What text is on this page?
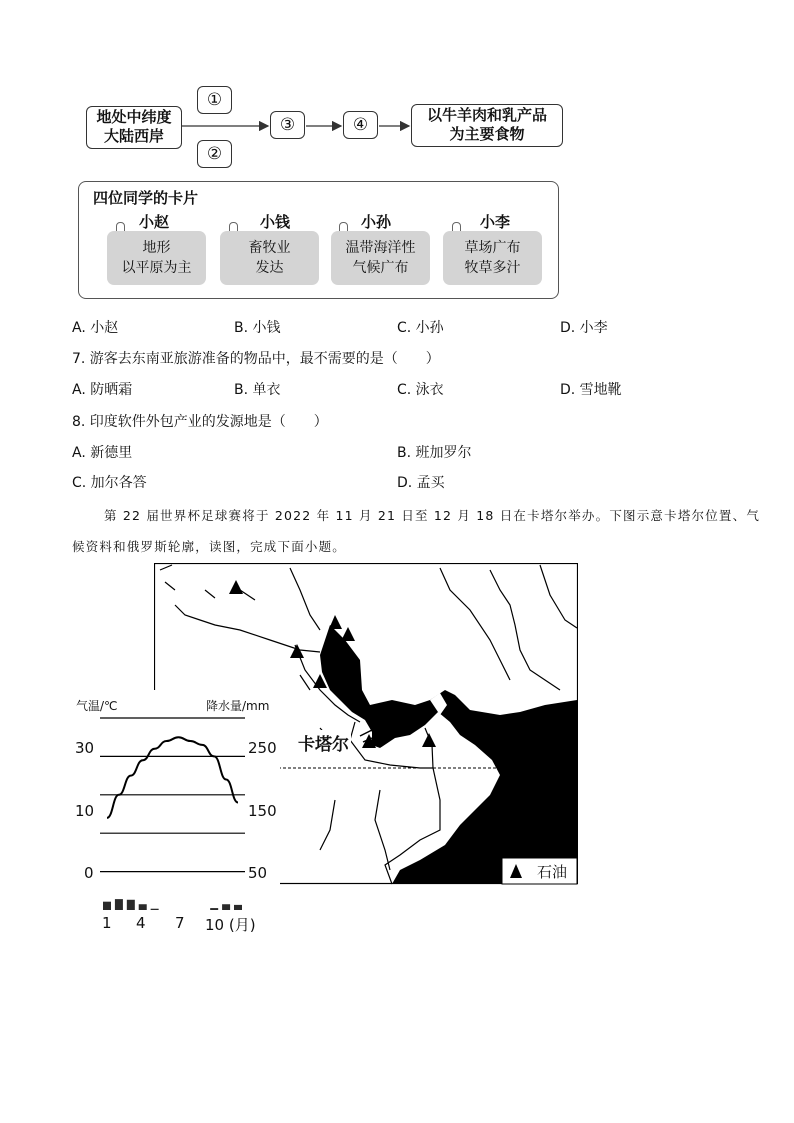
地处中纬度
大陆西岸
①
②
③	④	以牛羊肉和乳产品
为主要食物
四位同学的卡片
小赵
地形
以平原为主
小钱
畜牧业
发达
小孙
温带海洋性
气候广布
小李
草场广布
牧草多汁
A. 小赵	B. 小钱	C. 小孙	D. 小李
7. 游客去东南亚旅游准备的物品中，最不需要的是（　　）
A. 防晒霜	B. 单衣	C. 泳衣	D. 雪地靴
8. 印度软件外包产业的发源地是（　　）
A. 新德里	B. 班加罗尔
C. 加尔各答	D. 孟买
第 22 届世界杯足球赛将于 2022 年 11 月 21 日至 12 月 18 日在卡塔尔举办。下图示意卡塔尔位置、气
候资料和俄罗斯轮廓，读图，完成下面小题。
卡塔尔
石油
气温/℃	降水量/mm
30
10
0
250
150
50
1 4 7 10 (月)
